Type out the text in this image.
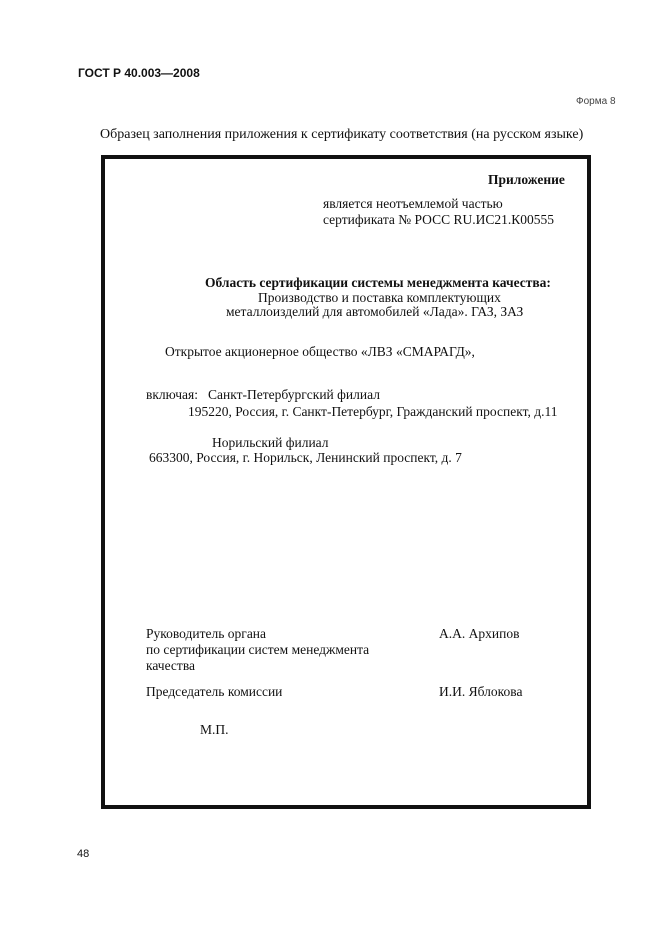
ГОСТ Р 40.003—2008
Форма 8
Образец заполнения приложения к сертификату соответствия (на русском языке)
Приложение
является неотъемлемой частью
сертификата № РОСС RU.ИС21.К00555
Область сертификации системы менеджмента качества:
Производство и поставка комплектующих
металлоизделий для автомобилей «Лада». ГАЗ, ЗАЗ
Открытое акционерное общество «ЛВЗ «СМАРАГД»,
включая: Санкт-Петербургский филиал
195220, Россия, г. Санкт-Петербург, Гражданский проспект, д.11
Норильский филиал
663300, Россия, г. Норильск, Ленинский проспект, д. 7
Руководитель органа
по сертификации систем менеджмента
качества
А.А. Архипов
Председатель комиссии	И.И. Яблокова
М.П.
48
